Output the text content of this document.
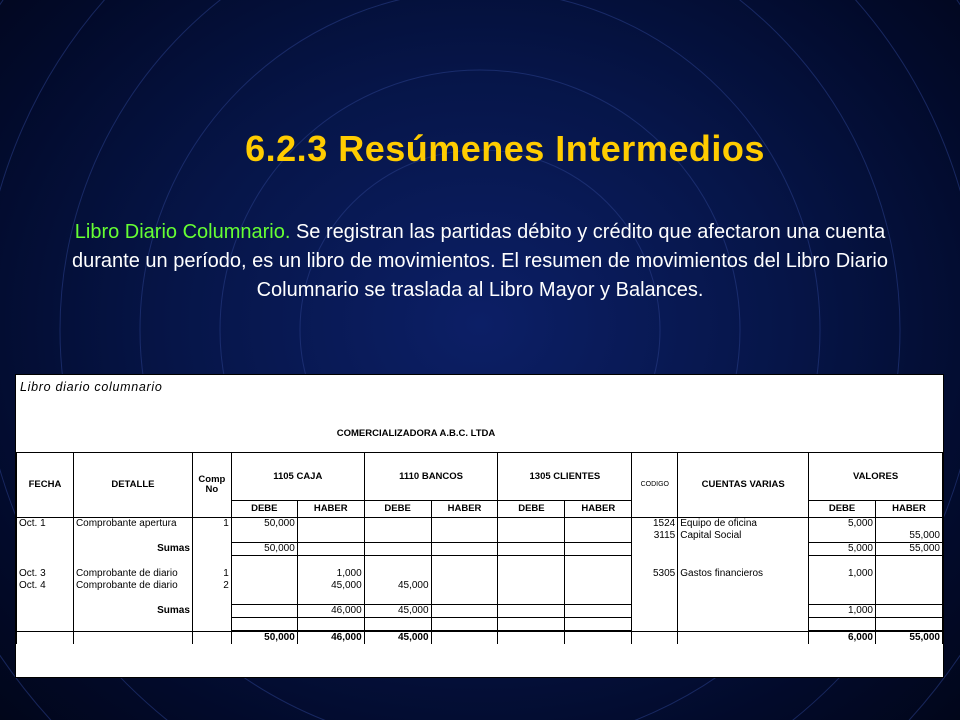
6.2.3 Resúmenes Intermedios
Libro Diario Columnario. Se registran las partidas débito y crédito que afectaron una cuenta durante un período, es un libro de movimientos. El resumen de movimientos del Libro Diario Columnario se traslada al Libro Mayor y Balances.
Libro diario columnario
COMERCIALIZADORA A.B.C. LTDA
FECHA	DETALLE	Comp No	1105 CAJA		1110 BANCOS		1305 CLIENTES		CODIGO	CUENTAS VARIAS	VALORES	
			DEBE	HABER	DEBE	HABER	DEBE	HABER			DEBE	HABER
Oct. 1	Comprobante apertura	1	50,000						1524	Equipo de oficina	5,000	
									3115	Capital Social		55,000
	Sumas		50,000								5,000	55,000

Oct. 3	Comprobante de diario	1		1,000					5305	Gastos financieros	1,000	
Oct. 4	Comprobante de diario	2		45,000	45,000							

	Sumas			46,000	45,000						1,000	

			50,000	46,000	45,000						6,000	55,000
